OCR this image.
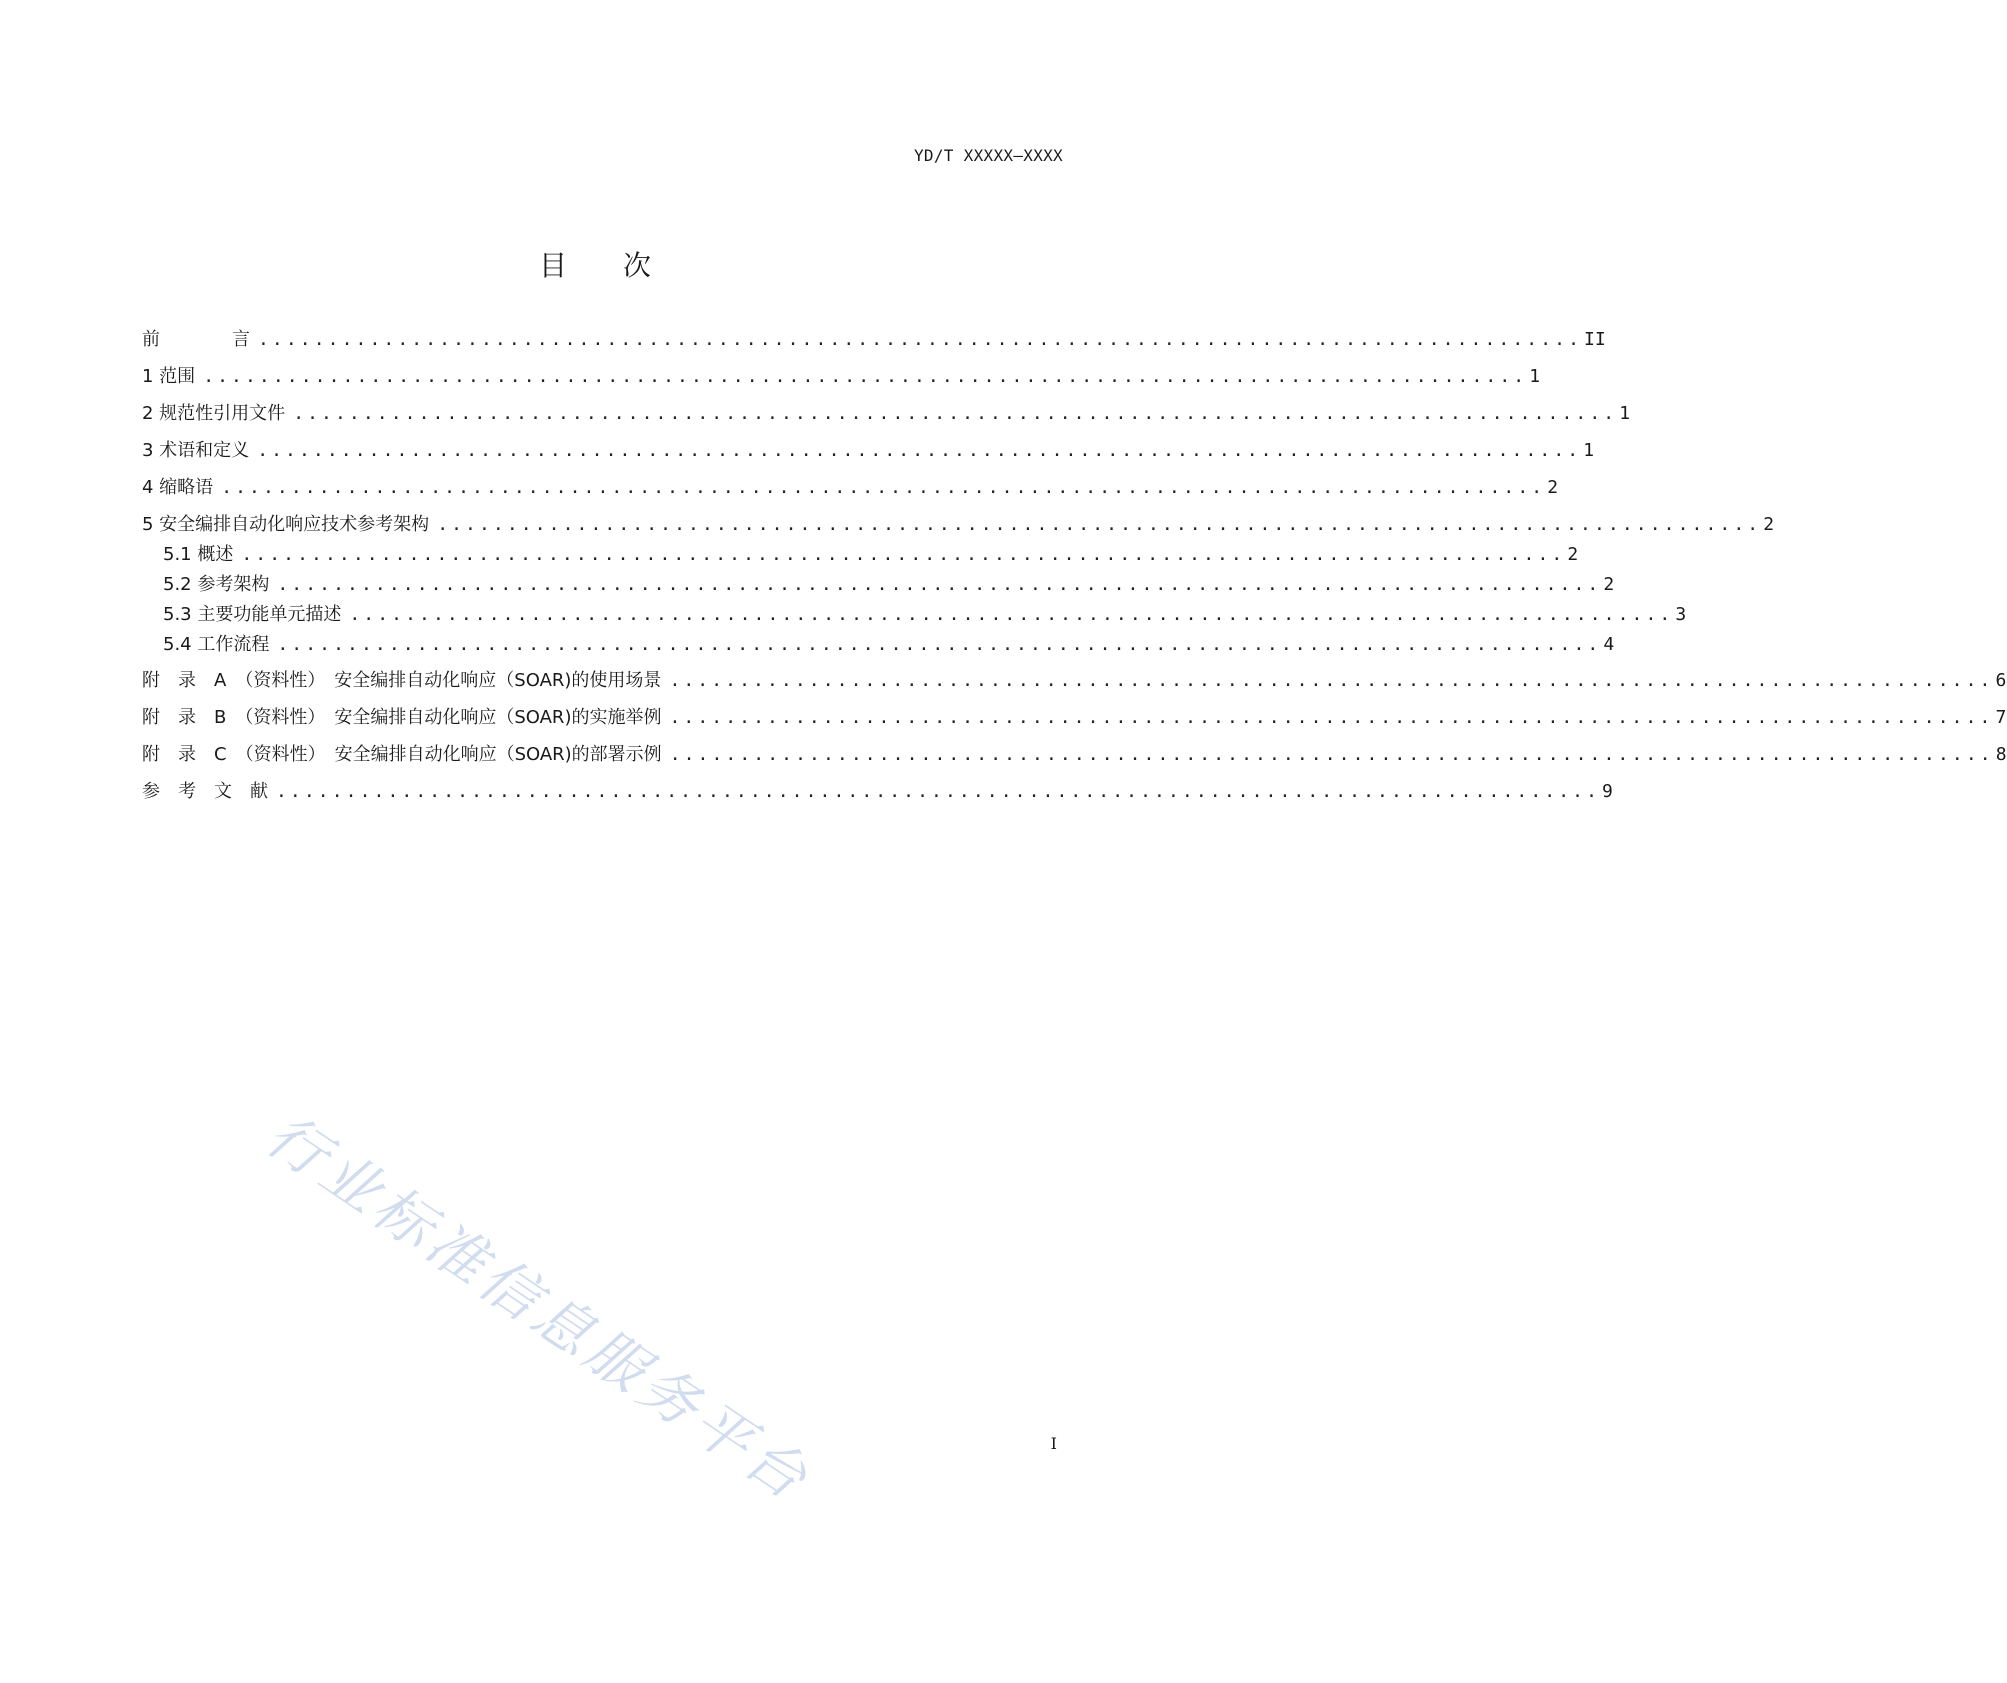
YD/T XXXXX—XXXX
目次
前　　　　言 ............................................................................................... II
1 范围 ............................................................................................... 1
2 规范性引用文件 ............................................................................................... 1
3 术语和定义 ............................................................................................... 1
4 缩略语 ............................................................................................... 2
5 安全编排自动化响应技术参考架构 ............................................................................................... 2
5.1 概述 ............................................................................................... 2
5.2 参考架构 ............................................................................................... 2
5.3 主要功能单元描述 ............................................................................................... 3
5.4 工作流程 ............................................................................................... 4
附　录　A　（资料性）　安全编排自动化响应（SOAR)的使用场景 ............................................................................................... 6
附　录　B　（资料性）　安全编排自动化响应（SOAR)的实施举例 ............................................................................................... 7
附　录　C　（资料性）　安全编排自动化响应（SOAR)的部署示例 ............................................................................................... 8
参　考　文　献 ............................................................................................... 9
行业标准信息服务平台	I
